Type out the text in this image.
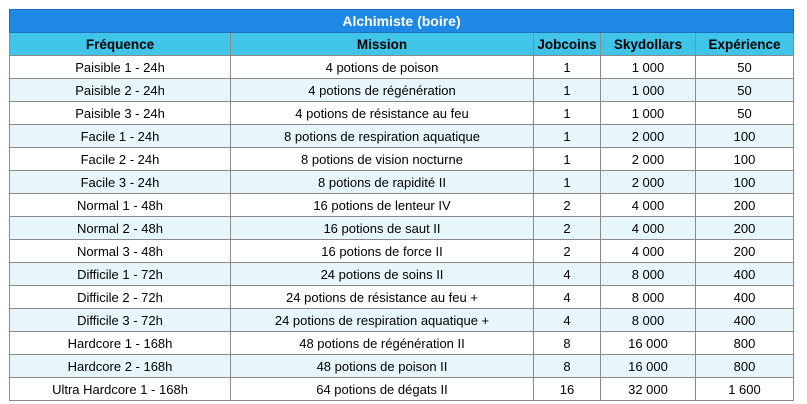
Alchimiste (boire)				
Fréquence	Mission	Jobcoins	Skydollars	Expérience
Paisible 1 - 24h	4 potions de poison	1	1 000	50
Paisible 2 - 24h	4 potions de régénération	1	1 000	50
Paisible 3 - 24h	4 potions de résistance au feu	1	1 000	50
Facile 1 - 24h	8 potions de respiration aquatique	1	2 000	100
Facile 2 - 24h	8 potions de vision nocturne	1	2 000	100
Facile 3 - 24h	8 potions de rapidité II	1	2 000	100
Normal 1 - 48h	16 potions de lenteur IV	2	4 000	200
Normal 2 - 48h	16 potions de saut II	2	4 000	200
Normal 3 - 48h	16 potions de force II	2	4 000	200
Difficile 1 - 72h	24 potions de soins II	4	8 000	400
Difficile 2 - 72h	24 potions de résistance au feu +	4	8 000	400
Difficile 3 - 72h	24 potions de respiration aquatique +	4	8 000	400
Hardcore 1 - 168h	48 potions de régénération II	8	16 000	800
Hardcore 2 - 168h	48 potions de poison II	8	16 000	800
Ultra Hardcore 1 - 168h	64 potions de dégats II	16	32 000	1 600
